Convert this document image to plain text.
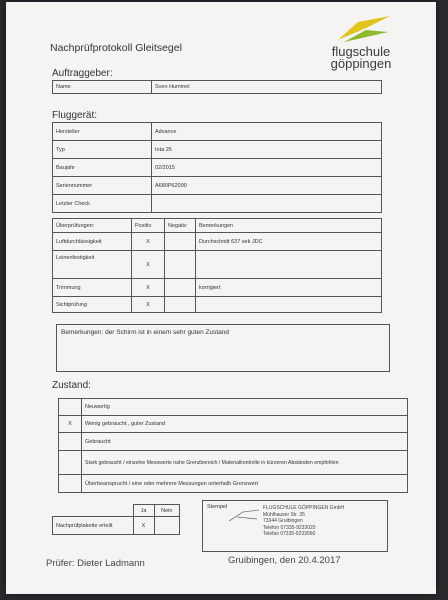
Nachprüfprotokoll Gleitsegel	flugschule
göppingen
Auftraggeber:
Name	Sven Hummel
Fluggerät:
Hersteller	Advance
Typ	Iota 26
Baujahr	02/2015
Seriennummer	A680P62090
Letzter Check	
Überprüfungen:	Positiv	Negativ	Bemerkungen
Luftdurchlässigkeit	X		Durchschnitt 637 sek JDC
Leinenfestigkeit	X		
Trimmung	X		korrigiert
Sichtprüfung	X		
Bemerkungen: der Schirm ist in einem sehr guten Zustand
Zustand:
	Neuwertig
X	Wenig gebraucht , guter Zustand
	Gebraucht
	Stark gebraucht / einzelne Messwerte nahe Grenzbereich / Materialkontrolle in kürzeren Abständen empfohlen
	Überbeansprucht / eine oder mehrere Messungen unterhalb Grenzwert
	Ja	Nein
Nachprüfplakette erteilt	X	
Stempel	FLUGSCHULE GÖPPINGEN GmbH
Mühlhauser Str. 35
73344 Gruibingen
Telefon 07335-9233020
Telefax 07335-9233060
Prüfer: Dieter Ladmann	Gruibingen, den 20.4.2017
